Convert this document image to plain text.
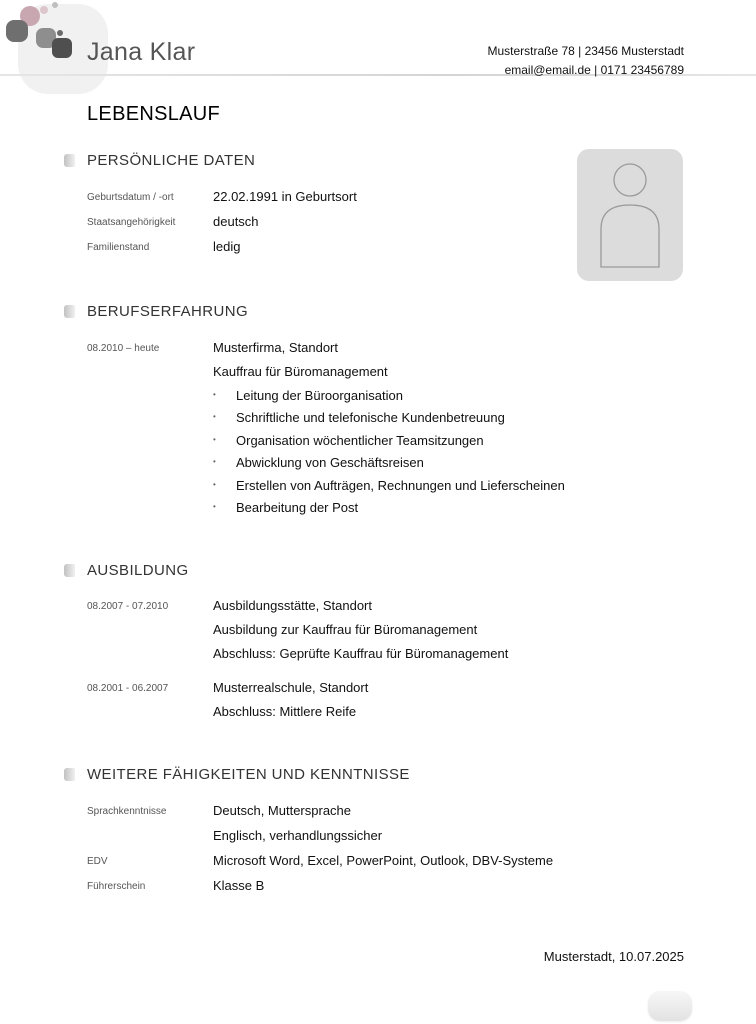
Jana Klar	Musterstraße 78 | 23456 Musterstadt
email@email.de | 0171 23456789
LEBENSLAUF
PERSÖNLICHE DATEN
Geburtsdatum / -ort	22.02.1991 in Geburtsort
Staatsangehörigkeit	deutsch
Familienstand	ledig
BERUFSERFAHRUNG
08.2010 – heute	Musterfirma, Standort
Kauffrau für Büromanagement
•	Leitung der Büroorganisation
•	Schriftliche und telefonische Kundenbetreuung
•	Organisation wöchentlicher Teamsitzungen
•	Abwicklung von Geschäftsreisen
•	Erstellen von Aufträgen, Rechnungen und Lieferscheinen
•	Bearbeitung der Post
AUSBILDUNG
08.2007 - 07.2010	Ausbildungsstätte, Standort
Ausbildung zur Kauffrau für Büromanagement
Abschluss: Geprüfte Kauffrau für Büromanagement
08.2001 - 06.2007	Musterrealschule, Standort
Abschluss: Mittlere Reife
WEITERE FÄHIGKEITEN UND KENNTNISSE
Sprachkenntnisse	Deutsch, Muttersprache
Englisch, verhandlungssicher
EDV	Microsoft Word, Excel, PowerPoint, Outlook, DBV-Systeme
Führerschein	Klasse B
Musterstadt, 10.07.2025
